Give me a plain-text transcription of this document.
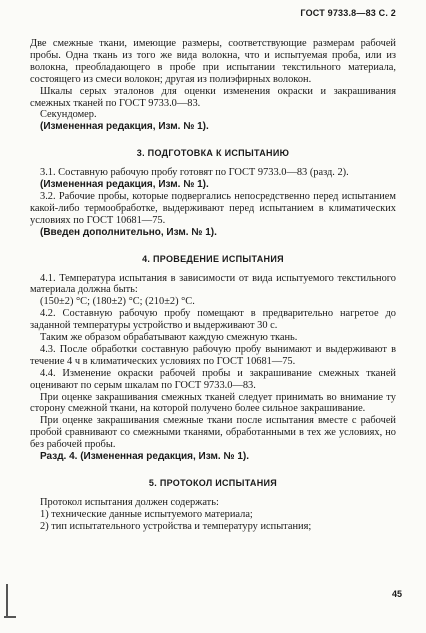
ГОСТ 9733.8—83 С. 2

Две смежные ткани, имеющие размеры, соответствующие размерам рабочей пробы. Одна ткань из того же вида волокна, что и испытуемая проба, или из волокна, преобладающего в пробе при испытании текстильного материала, состоящего из смеси волокон; другая из полиэфирных волокон.

Шкалы серых эталонов для оценки изменения окраски и закрашивания смежных тканей по ГОСТ 9733.0—83.

Секундомер.

(Измененная редакция, Изм. № 1).

3. ПОДГОТОВКА К ИСПЫТАНИЮ

3.1. Составную рабочую пробу готовят по ГОСТ 9733.0—83 (разд. 2).

(Измененная редакция, Изм. № 1).

3.2. Рабочие пробы, которые подвергались непосредственно перед испытанием какой-либо термообработке, выдерживают перед испытанием в климатических условиях по ГОСТ 10681—75.

(Введен дополнительно, Изм. № 1).

4. ПРОВЕДЕНИЕ ИСПЫТАНИЯ

4.1. Температура испытания в зависимости от вида испытуемого текстильного материала должна быть:

(150±2) °С; (180±2) °С; (210±2) °С.

4.2. Составную рабочую пробу помещают в предварительно нагретое до заданной температуры устройство и выдерживают 30 с.

Таким же образом обрабатывают каждую смежную ткань.

4.3. После обработки составную рабочую пробу вынимают и выдерживают в течение 4 ч в климатических условиях по ГОСТ 10681—75.

4.4. Изменение окраски рабочей пробы и закрашивание смежных тканей оценивают по серым шкалам по ГОСТ 9733.0—83.

При оценке закрашивания смежных тканей следует принимать во внимание ту сторону смежной ткани, на которой получено более сильное закрашивание.

При оценке закрашивания смежные ткани после испытания вместе с рабочей пробой сравнивают со смежными тканями, обработанными в тех же условиях, но без рабочей пробы.

Разд. 4. (Измененная редакция, Изм. № 1).

5. ПРОТОКОЛ ИСПЫТАНИЯ

Протокол испытания должен содержать:

1) технические данные испытуемого материала;

2) тип испытательного устройства и температуру испытания;

45
